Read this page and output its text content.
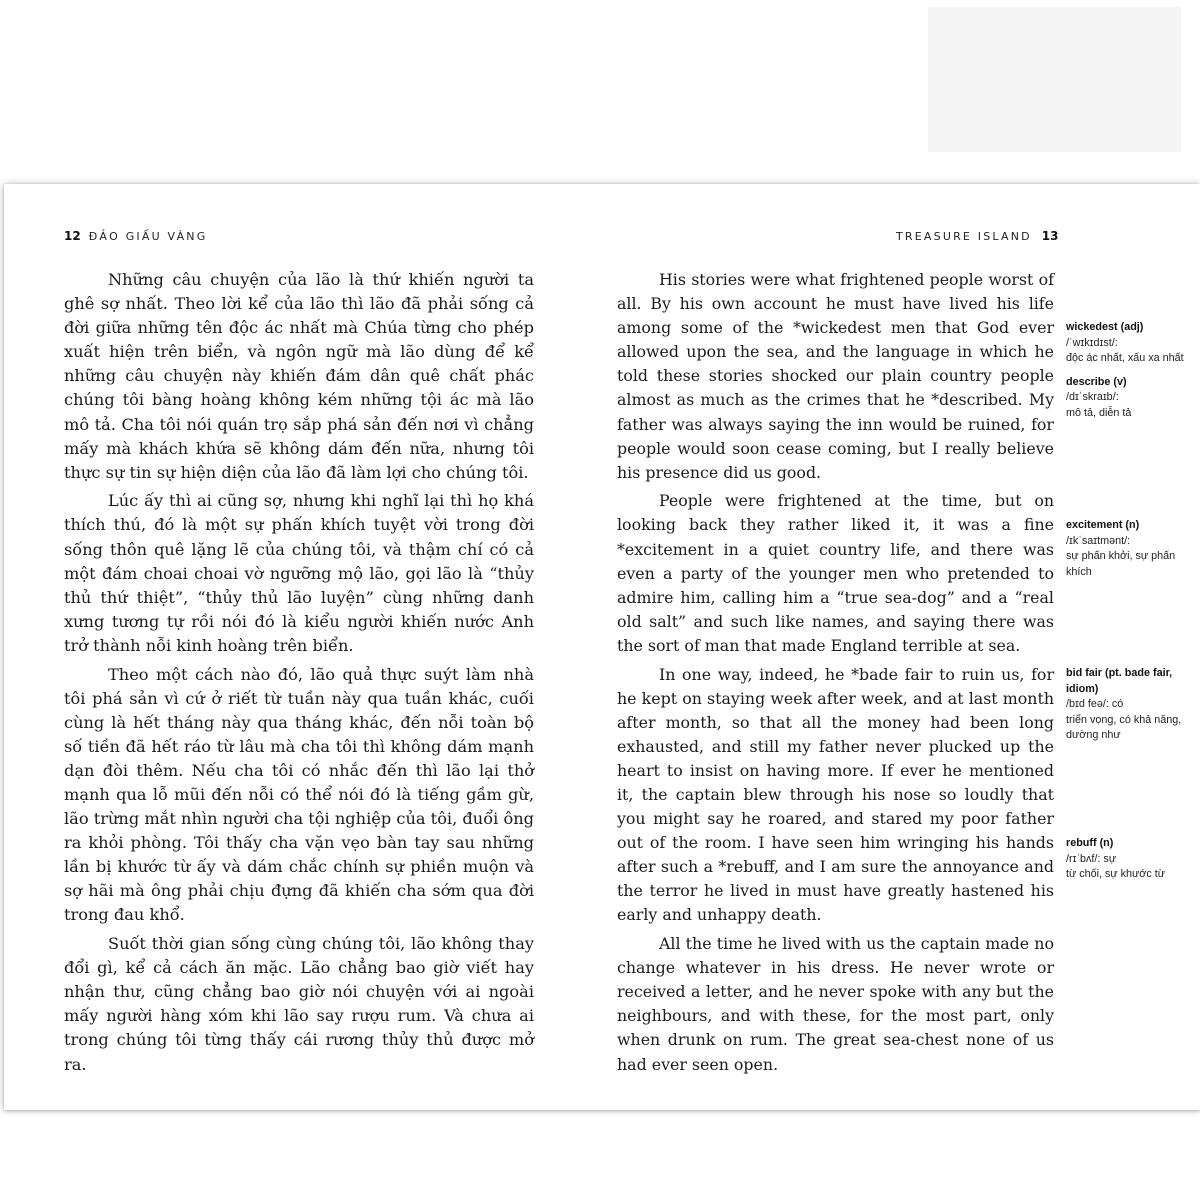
12 ĐẢO GIẤU VÀNG	TREASURE ISLAND 13

Những câu chuyện của lão là thứ khiến người ta ghê sợ nhất. Theo lời kể của lão thì lão đã phải sống cả đời giữa những tên độc ác nhất mà Chúa từng cho phép xuất hiện trên biển, và ngôn ngữ mà lão dùng để kể những câu chuyện này khiến đám dân quê chất phác chúng tôi bàng hoàng không kém những tội ác mà lão mô tả. Cha tôi nói quán trọ sắp phá sản đến nơi vì chẳng mấy mà khách khứa sẽ không dám đến nữa, nhưng tôi thực sự tin sự hiện diện của lão đã làm lợi cho chúng tôi.

Lúc ấy thì ai cũng sợ, nhưng khi nghĩ lại thì họ khá thích thú, đó là một sự phấn khích tuyệt vời trong đời sống thôn quê lặng lẽ của chúng tôi, và thậm chí có cả một đám choai choai vờ ngưỡng mộ lão, gọi lão là “thủy thủ thứ thiệt”, “thủy thủ lão luyện” cùng những danh xưng tương tự rồi nói đó là kiểu người khiến nước Anh trở thành nỗi kinh hoàng trên biển.

Theo một cách nào đó, lão quả thực suýt làm nhà tôi phá sản vì cứ ở riết từ tuần này qua tuần khác, cuối cùng là hết tháng này qua tháng khác, đến nỗi toàn bộ số tiền đã hết ráo từ lâu mà cha tôi thì không dám mạnh dạn đòi thêm. Nếu cha tôi có nhắc đến thì lão lại thở mạnh qua lỗ mũi đến nỗi có thể nói đó là tiếng gầm gừ, lão trừng mắt nhìn người cha tội nghiệp của tôi, đuổi ông ra khỏi phòng. Tôi thấy cha vặn vẹo bàn tay sau những lần bị khước từ ấy và dám chắc chính sự phiền muộn và sợ hãi mà ông phải chịu đựng đã khiến cha sớm qua đời trong đau khổ.

Suốt thời gian sống cùng chúng tôi, lão không thay đổi gì, kể cả cách ăn mặc. Lão chẳng bao giờ viết hay nhận thư, cũng chẳng bao giờ nói chuyện với ai ngoài mấy người hàng xóm khi lão say rượu rum. Và chưa ai trong chúng tôi từng thấy cái rương thủy thủ được mở ra.

His stories were what frightened people worst of all. By his own account he must have lived his life among some of the *wickedest men that God ever allowed upon the sea, and the language in which he told these stories shocked our plain country people almost as much as the crimes that he *described. My father was always saying the inn would be ruined, for people would soon cease coming, but I really believe his presence did us good.

People were frightened at the time, but on looking back they rather liked it, it was a fine *excitement in a quiet country life, and there was even a party of the younger men who pretended to admire him, calling him a “true sea-dog” and a “real old salt” and such like names, and saying there was the sort of man that made England terrible at sea.

In one way, indeed, he *bade fair to ruin us, for he kept on staying week after week, and at last month after month, so that all the money had been long exhausted, and still my father never plucked up the heart to insist on having more. If ever he mentioned it, the captain blew through his nose so loudly that you might say he roared, and stared my poor father out of the room. I have seen him wringing his hands after such a *rebuff, and I am sure the annoyance and the terror he lived in must have greatly hastened his early and unhappy death.

All the time he lived with us the captain made no change whatever in his dress. He never wrote or received a letter, and he never spoke with any but the neighbours, and with these, for the most part, only when drunk on rum. The great sea-chest none of us had ever seen open.

wickedest (adj)
/ˈwɪkɪdɪst/:
độc ác nhất, xấu xa nhất
describe (v)
/dɪˈskraɪb/:
mô tả, diễn tả
excitement (n)
/ɪkˈsaɪtmənt/:
sự phấn khởi, sự phấn khích
bid fair (pt. bade fair, idiom)
/bɪd feə/: có
triển vọng, có khả năng, dường như
rebuff (n)
/rɪˈbʌf/: sự
từ chối, sự khước từ
